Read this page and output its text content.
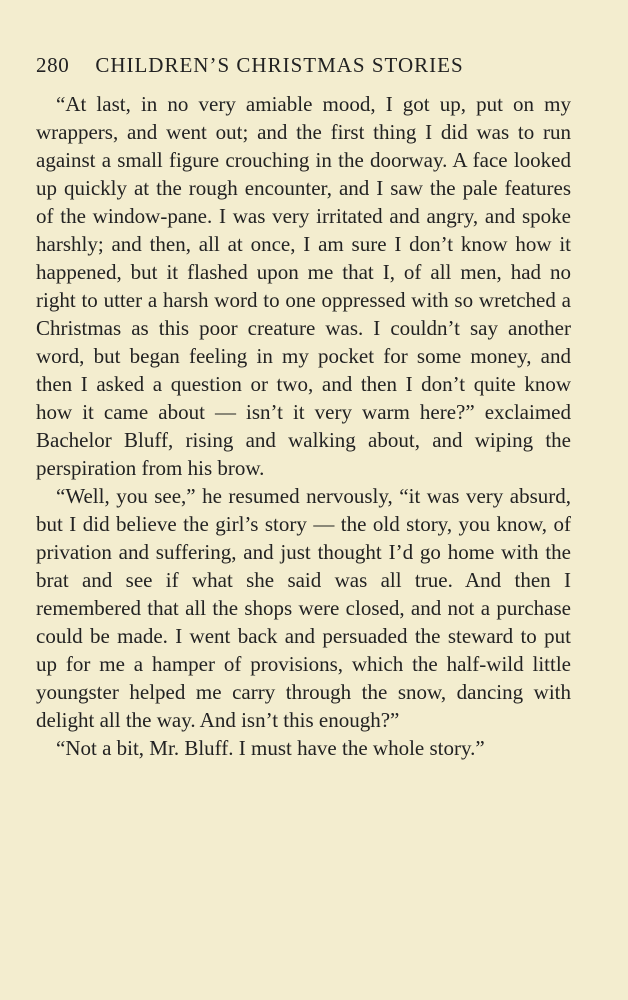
280 CHILDREN’S CHRISTMAS STORIES

“At last, in no very amiable mood, I got up, put on my wrappers, and went out; and the first thing I did was to run against a small figure crouching in the doorway. A face looked up quickly at the rough encounter, and I saw the pale features of the window-pane. I was very irritated and angry, and spoke harshly; and then, all at once, I am sure I don’t know how it happened, but it flashed upon me that I, of all men, had no right to utter a harsh word to one oppressed with so wretched a Christmas as this poor creature was. I couldn’t say another word, but began feeling in my pocket for some money, and then I asked a question or two, and then I don’t quite know how it came about — isn’t it very warm here?” exclaimed Bachelor Bluff, rising and walking about, and wiping the perspiration from his brow.

“Well, you see,” he resumed nervously, “it was very absurd, but I did believe the girl’s story — the old story, you know, of privation and suffering, and just thought I’d go home with the brat and see if what she said was all true. And then I remembered that all the shops were closed, and not a purchase could be made. I went back and persuaded the steward to put up for me a hamper of provisions, which the half-wild little youngster helped me carry through the snow, dancing with delight all the way. And isn’t this enough?”

“Not a bit, Mr. Bluff. I must have the whole story.”
